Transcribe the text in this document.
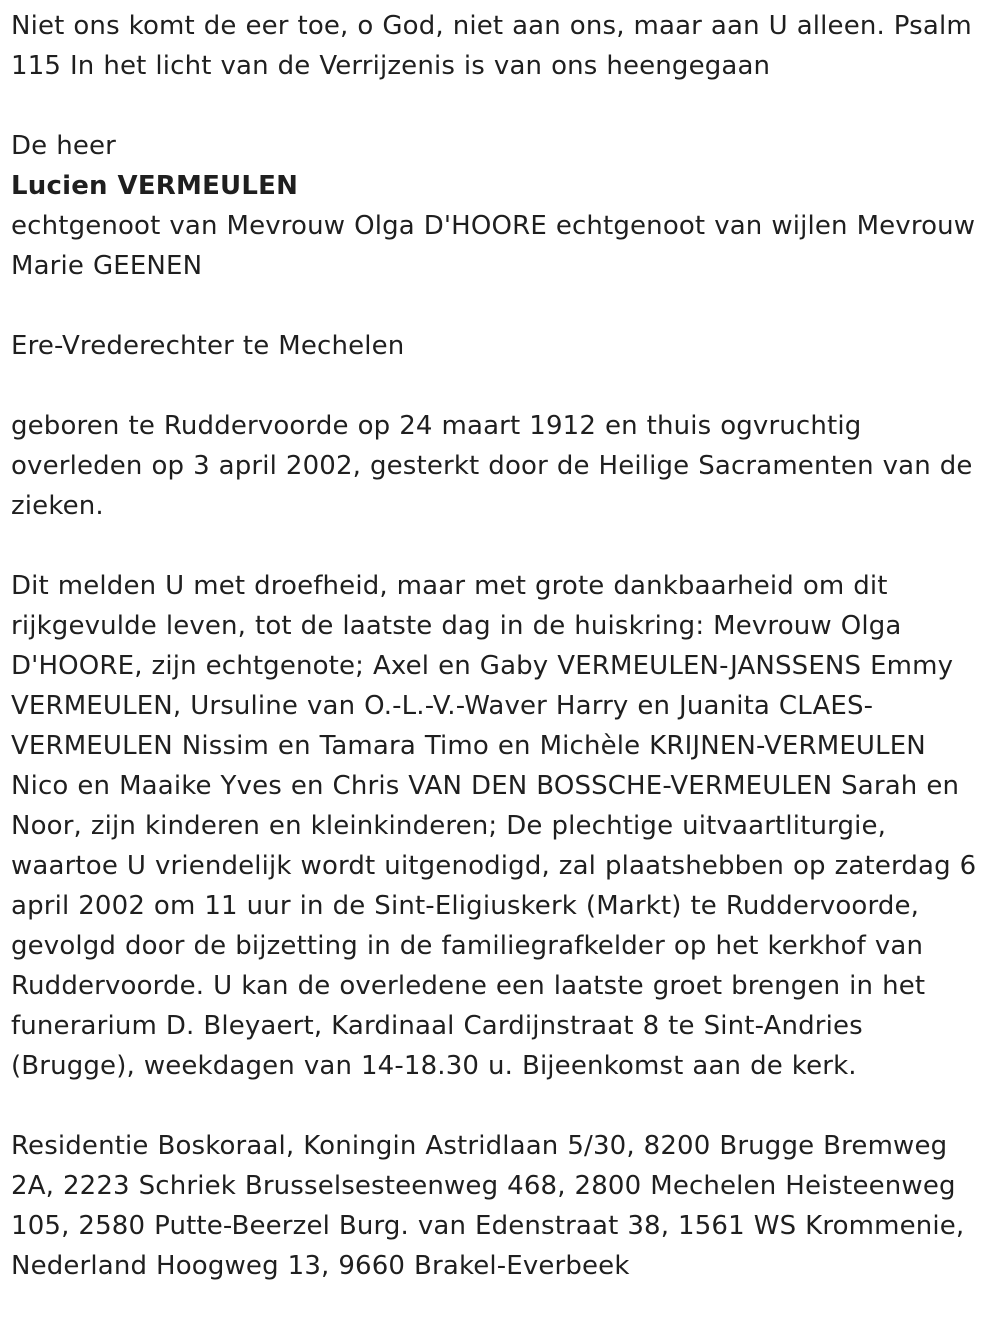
Niet ons komt de eer toe, o God, niet aan ons, maar aan U alleen. Psalm 115 In het licht van de Verrijzenis is van ons heengegaan

De heer

Lucien VERMEULEN

echtgenoot van Mevrouw Olga D'HOORE echtgenoot van wijlen Mevrouw Marie GEENEN

Ere-Vrederechter te Mechelen

geboren te Ruddervoorde op 24 maart 1912 en thuis ogvruchtig overleden op 3 april 2002, gesterkt door de Heilige Sacramenten van de zieken.

Dit melden U met droefheid, maar met grote dankbaarheid om dit rijkgevulde leven, tot de laatste dag in de huiskring: Mevrouw Olga D'HOORE, zijn echtgenote; Axel en Gaby VERMEULEN-JANSSENS Emmy VERMEULEN, Ursuline van O.-L.-V.-Waver Harry en Juanita CLAES-VERMEULEN Nissim en Tamara Timo en Michèle KRIJNEN-VERMEULEN Nico en Maaike Yves en Chris VAN DEN BOSSCHE-VERMEULEN Sarah en Noor, zijn kinderen en kleinkinderen; De plechtige uitvaartliturgie, waartoe U vriendelijk wordt uitgenodigd, zal plaatshebben op zaterdag 6 april 2002 om 11 uur in de Sint-Eligiuskerk (Markt) te Ruddervoorde, gevolgd door de bijzetting in de familiegrafkelder op het kerkhof van Ruddervoorde. U kan de overledene een laatste groet brengen in het funerarium D. Bleyaert, Kardinaal Cardijnstraat 8 te Sint-Andries (Brugge), weekdagen van 14-18.30 u. Bijeenkomst aan de kerk.

Residentie Boskoraal, Koningin Astridlaan 5/30, 8200 Brugge Bremweg 2A, 2223 Schriek Brusselsesteenweg 468, 2800 Mechelen Heisteenweg 105, 2580 Putte-Beerzel Burg. van Edenstraat 38, 1561 WS Krommenie, Nederland Hoogweg 13, 9660 Brakel-Everbeek
